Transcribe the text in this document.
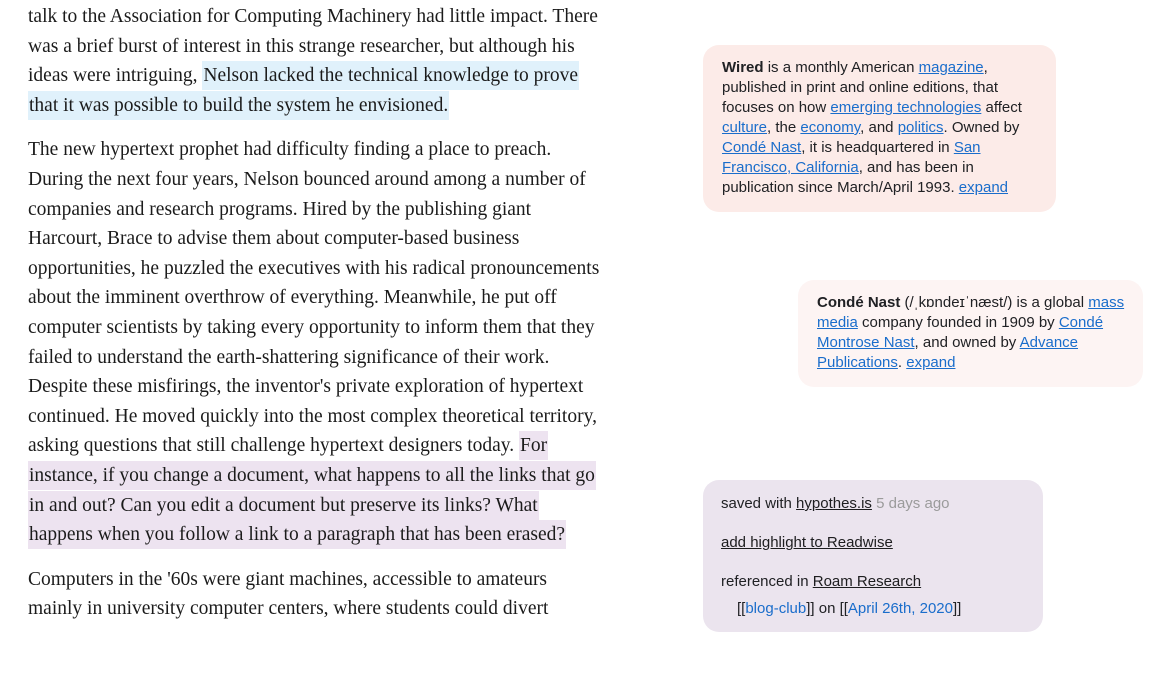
talk to the Association for Computing Machinery had little impact. There was a brief burst of interest in this strange researcher, but although his ideas were intriguing, Nelson lacked the technical knowledge to prove that it was possible to build the system he envisioned.

The new hypertext prophet had difficulty finding a place to preach. During the next four years, Nelson bounced around among a number of companies and research programs. Hired by the publishing giant Harcourt, Brace to advise them about computer-based business opportunities, he puzzled the executives with his radical pronouncements about the imminent overthrow of everything. Meanwhile, he put off computer scientists by taking every opportunity to inform them that they failed to understand the earth-shattering significance of their work. Despite these misfirings, the inventor's private exploration of hypertext continued. He moved quickly into the most complex theoretical territory, asking questions that still challenge hypertext designers today. For instance, if you change a document, what happens to all the links that go in and out? Can you edit a document but preserve its links? What happens when you follow a link to a paragraph that has been erased?

Computers in the '60s were giant machines, accessible to amateurs mainly in university computer centers, where students could divert

Wired is a monthly American magazine, published in print and online editions, that focuses on how emerging technologies affect culture, the economy, and politics. Owned by Condé Nast, it is headquartered in San Francisco, California, and has been in publication since March/April 1993. expand

Condé Nast (/ˌkɒndeɪˈnæst/) is a global mass media company founded in 1909 by Condé Montrose Nast, and owned by Advance Publications. expand

saved with hypothes.is 5 days ago

add highlight to Readwise

referenced in Roam Research

[[blog-club]] on [[April 26th, 2020]]
